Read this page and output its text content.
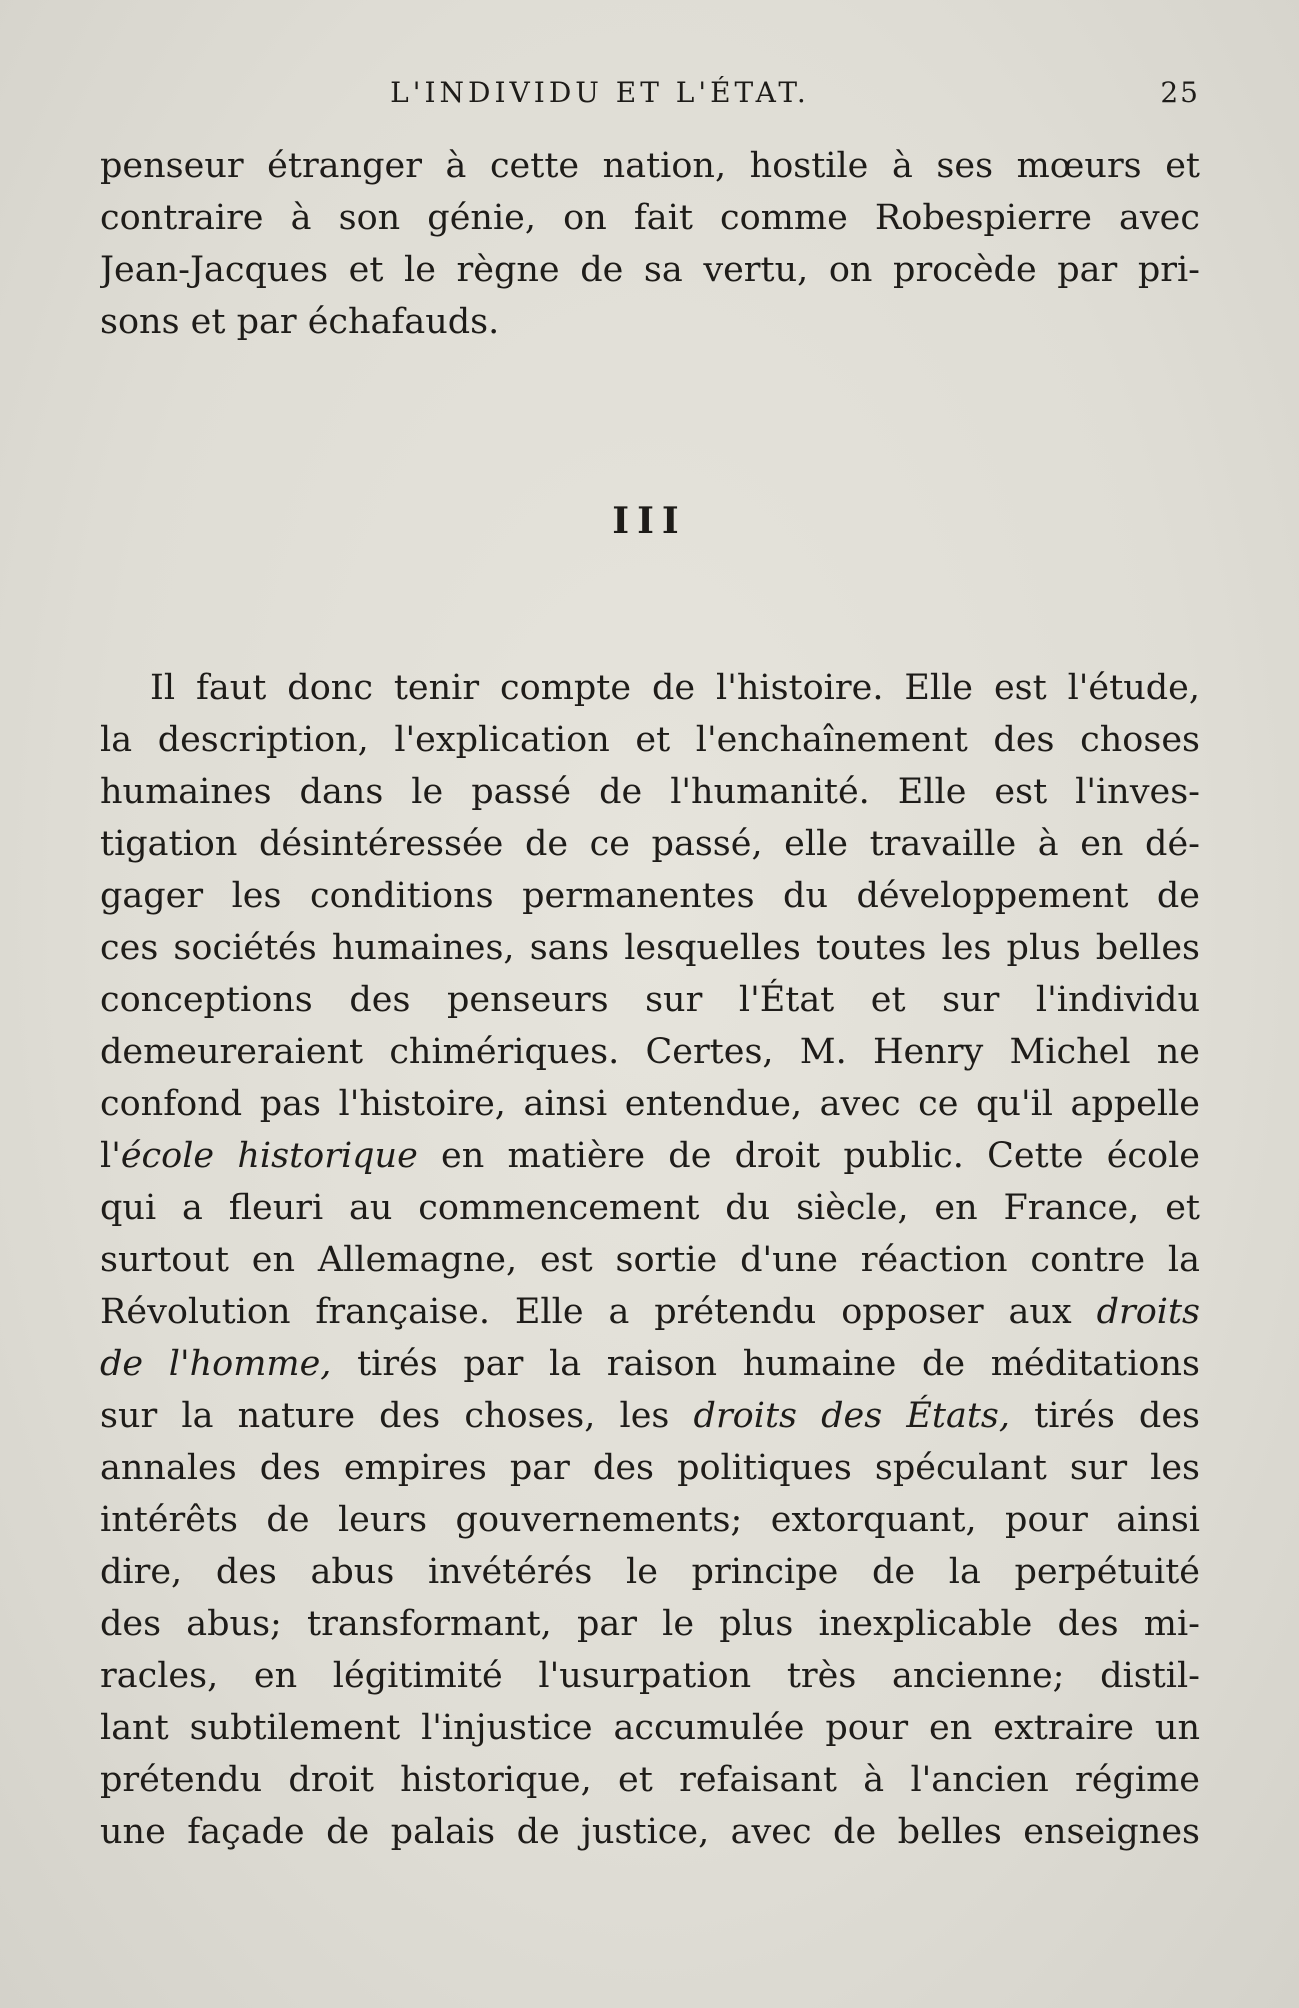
L'INDIVIDU ET L'ÉTAT.	25
penseur étranger à cette nation, hostile à ses mœurs et
contraire à son génie, on fait comme Robespierre avec
Jean-Jacques et le règne de sa vertu, on procède par pri-
sons et par échafauds.
III
Il faut donc tenir compte de l'histoire. Elle est l'étude,
la description, l'explication et l'enchaînement des choses
humaines dans le passé de l'humanité. Elle est l'inves-
tigation désintéressée de ce passé, elle travaille à en dé-
gager les conditions permanentes du développement de
ces sociétés humaines, sans lesquelles toutes les plus belles
conceptions des penseurs sur l'État et sur l'individu
demeureraient chimériques. Certes, M. Henry Michel ne
confond pas l'histoire, ainsi entendue, avec ce qu'il appelle
l'école historique en matière de droit public. Cette école
qui a fleuri au commencement du siècle, en France, et
surtout en Allemagne, est sortie d'une réaction contre la
Révolution française. Elle a prétendu opposer aux droits
de l'homme, tirés par la raison humaine de méditations
sur la nature des choses, les droits des États, tirés des
annales des empires par des politiques spéculant sur les
intérêts de leurs gouvernements; extorquant, pour ainsi
dire, des abus invétérés le principe de la perpétuité
des abus; transformant, par le plus inexplicable des mi-
racles, en légitimité l'usurpation très ancienne; distil-
lant subtilement l'injustice accumulée pour en extraire un
prétendu droit historique, et refaisant à l'ancien régime
une façade de palais de justice, avec de belles enseignes
